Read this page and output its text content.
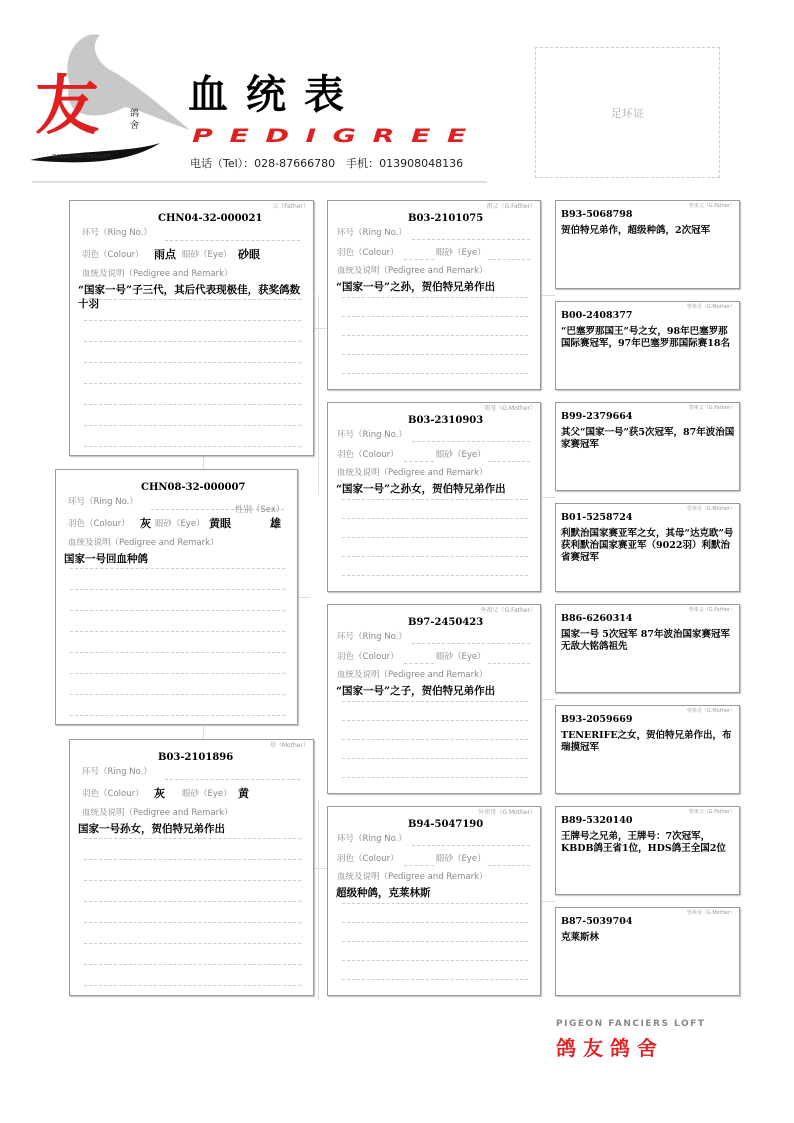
友	鸽舍
PIGEON FANCIERS LOFT
血统表
PEDIGREE
电话（Tel）：028-87666780　手机：013908048136
足环证
父（Father）
CHN04-32-000021
环号（Ring No.）
羽色（Colour） 雨点 眼砂（Eye） 砂眼
血统及说明（Pedigree and Remark）
“国家一号”子三代，其后代表现极佳，获奖鸽数十羽
CHN08-32-000007
环号（Ring No.）
羽色（Colour） 灰 眼砂（Eye） 黄眼
性别（Sex）
雄
血统及说明（Pedigree and Remark）
国家一号回血种鸽
母（Mother）
B03-2101896
环号（Ring No.）
羽色（Colour） 灰 眼砂（Eye） 黄
血统及说明（Pedigree and Remark）
国家一号孙女，贺伯特兄弟作出
祖父（G.Father）
B03-2101075
环号（Ring No.）
羽色（Colour）	眼砂（Eye）
血统及说明（Pedigree and Remark）
“国家一号”之孙，贺伯特兄弟作出
祖母（G.Mother）
B03-2310903
环号（Ring No.）
羽色（Colour）	眼砂（Eye）
血统及说明（Pedigree and Remark）
“国家一号”之孙女，贺伯特兄弟作出
外祖父（G.Father）
B97-2450423
环号（Ring No.）
羽色（Colour）	眼砂（Eye）
血统及说明（Pedigree and Remark）
“国家一号”之子，贺伯特兄弟作出
外祖母（G.Mother）
B94-5047190
环号（Ring No.）
羽色（Colour）	眼砂（Eye）
血统及说明（Pedigree and Remark）
超级种鸽，克莱林斯
曾祖父（G.Father）
B93-5068798
贺伯特兄弟作，超级种鸽，2次冠军
曾祖母（G.Mother）
B00-2408377
“巴塞罗那国王”号之女，98年巴塞罗那国际赛冠军，97年巴塞罗那国际赛18名
曾祖父（G.Father）
B99-2379664
其父“国家一号”获5次冠军，87年波治国家赛冠军
曾祖母（G.Mother）
B01-5258724
利默治国家赛亚军之女，其母“达克欧”号获利默治国家赛亚军（9022羽）利默治省赛冠军
曾祖父（G.Father）
B86-6260314
国家一号 5次冠军 87年波治国家赛冠军 无敌大铭鸽祖先
曾祖母（G.Mother）
B93-2059669
TENERIFE之女，贺伯特兄弟作出，布瑞摸冠军
曾祖父（G.Father）
B89-5320140
王牌号之兄弟，王牌号：7次冠军，KBDB鸽王省1位，HDS鸽王全国2位
曾祖母（G.Mother）
B87-5039704
克莱斯林
PIGEON FANCIERS LOFT
鸽 友 鸽 舍
